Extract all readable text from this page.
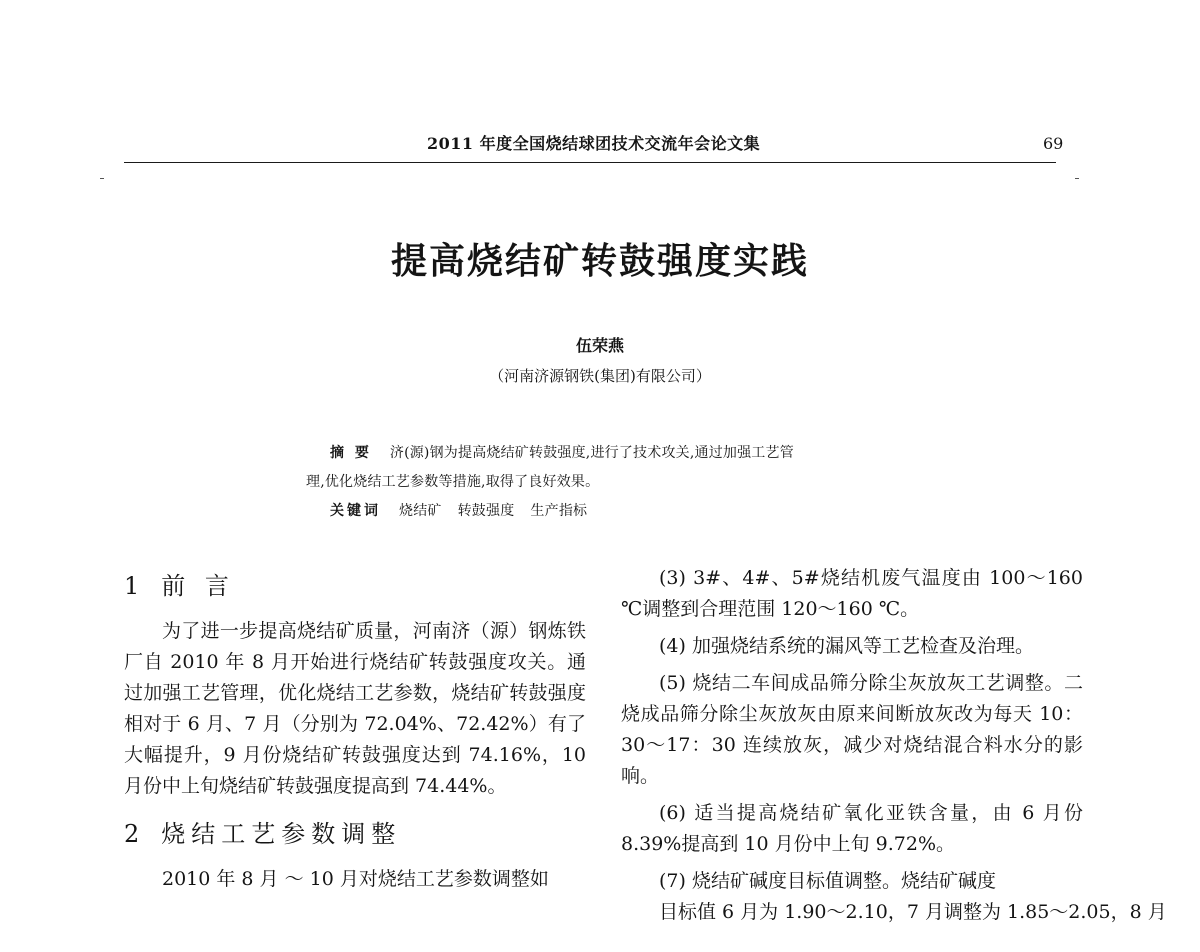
2011 年度全国烧结球团技术交流年会论文集	69
提高烧结矿转鼓强度实践
伍荣燕
（河南济源钢铁(集团)有限公司）
摘 要 济(源)钢为提高烧结矿转鼓强度,进行了技术攻关,通过加强工艺管
理,优化烧结工艺参数等措施,取得了良好效果。
关键词 烧结矿 转鼓强度 生产指标
1 前 言

为了进一步提高烧结矿质量，河南济（源）钢炼铁厂自 2010 年 8 月开始进行烧结矿转鼓强度攻关。通过加强工艺管理，优化烧结工艺参数，烧结矿转鼓强度相对于 6 月、7 月（分别为 72.04%、72.42%）有了大幅提升，9 月份烧结矿转鼓强度达到 74.16%，10 月份中上旬烧结矿转鼓强度提高到 74.44%。

2 烧结工艺参数调整

2010 年 8 月 ～ 10 月对烧结工艺参数调整如

(3) 3#、4#、5#烧结机废气温度由 100～160 ℃调整到合理范围 120～160 ℃。

(4) 加强烧结系统的漏风等工艺检查及治理。

(5) 烧结二车间成品筛分除尘灰放灰工艺调整。二烧成品筛分除尘灰放灰由原来间断放灰改为每天 10：30～17：30 连续放灰，减少对烧结混合料水分的影响。

(6) 适当提高烧结矿氧化亚铁含量，由 6 月份 8.39%提高到 10 月份中上旬 9.72%。

(7) 烧结矿碱度目标值调整。烧结矿碱度

目标值 6 月为 1.90～2.10，7 月调整为 1.85～2.05，8 月
